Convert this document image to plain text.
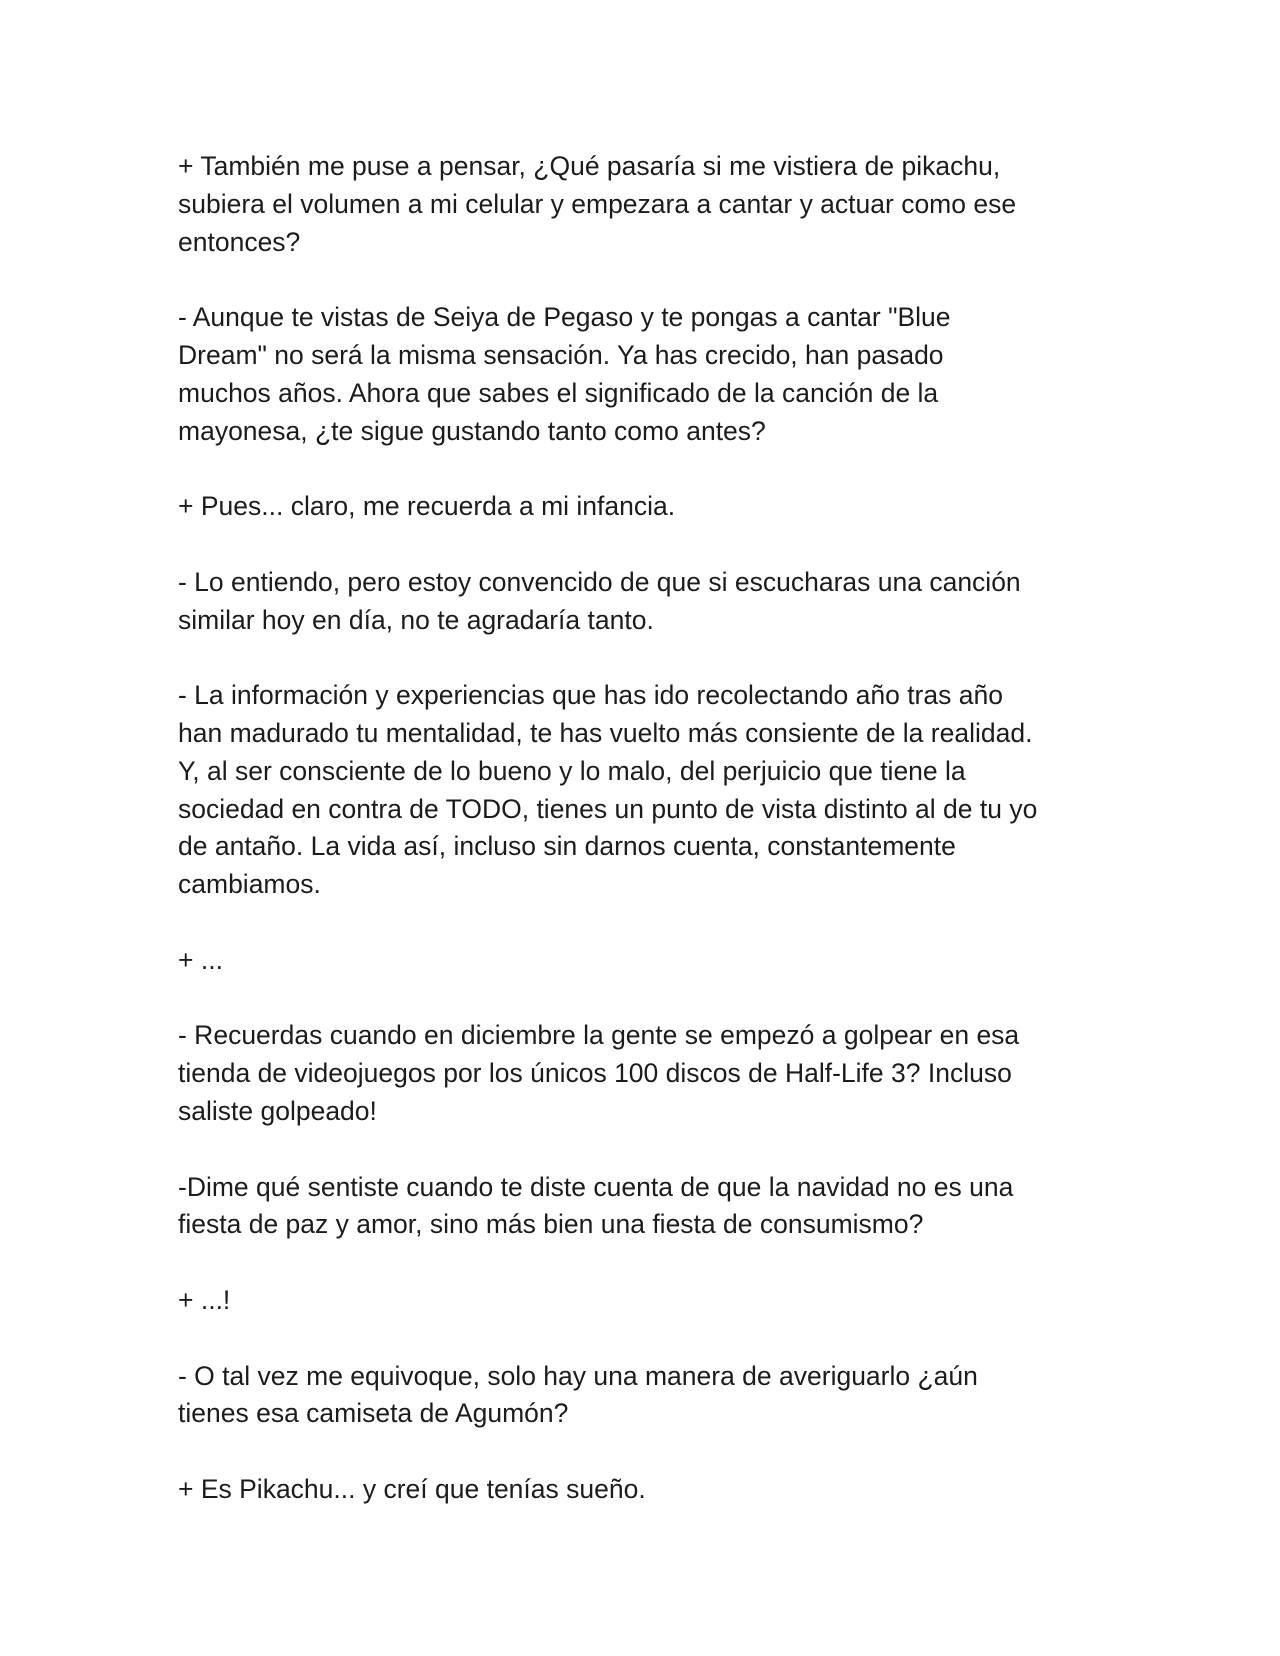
+ También me puse a pensar, ¿Qué pasaría si me vistiera de pikachu,
subiera el volumen a mi celular y empezara a cantar y actuar como ese
entonces?

- Aunque te vistas de Seiya de Pegaso y te pongas a cantar "Blue
Dream" no será la misma sensación. Ya has crecido, han pasado
muchos años. Ahora que sabes el significado de la canción de la
mayonesa, ¿te sigue gustando tanto como antes?

+ Pues... claro, me recuerda a mi infancia.

- Lo entiendo, pero estoy convencido de que si escucharas una canción
similar hoy en día, no te agradaría tanto.

- La información y experiencias que has ido recolectando año tras año
han madurado tu mentalidad, te has vuelto más consiente de la realidad.
Y, al ser consciente de lo bueno y lo malo, del perjuicio que tiene la
sociedad en contra de TODO, tienes un punto de vista distinto al de tu yo
de antaño. La vida así, incluso sin darnos cuenta, constantemente
cambiamos.

+ ...

- Recuerdas cuando en diciembre la gente se empezó a golpear en esa
tienda de videojuegos por los únicos 100 discos de Half-Life 3? Incluso
saliste golpeado!

-Dime qué sentiste cuando te diste cuenta de que la navidad no es una
fiesta de paz y amor, sino más bien una fiesta de consumismo?

+ ...!

- O tal vez me equivoque, solo hay una manera de averiguarlo ¿aún
tienes esa camiseta de Agumón?

+ Es Pikachu... y creí que tenías sueño.
